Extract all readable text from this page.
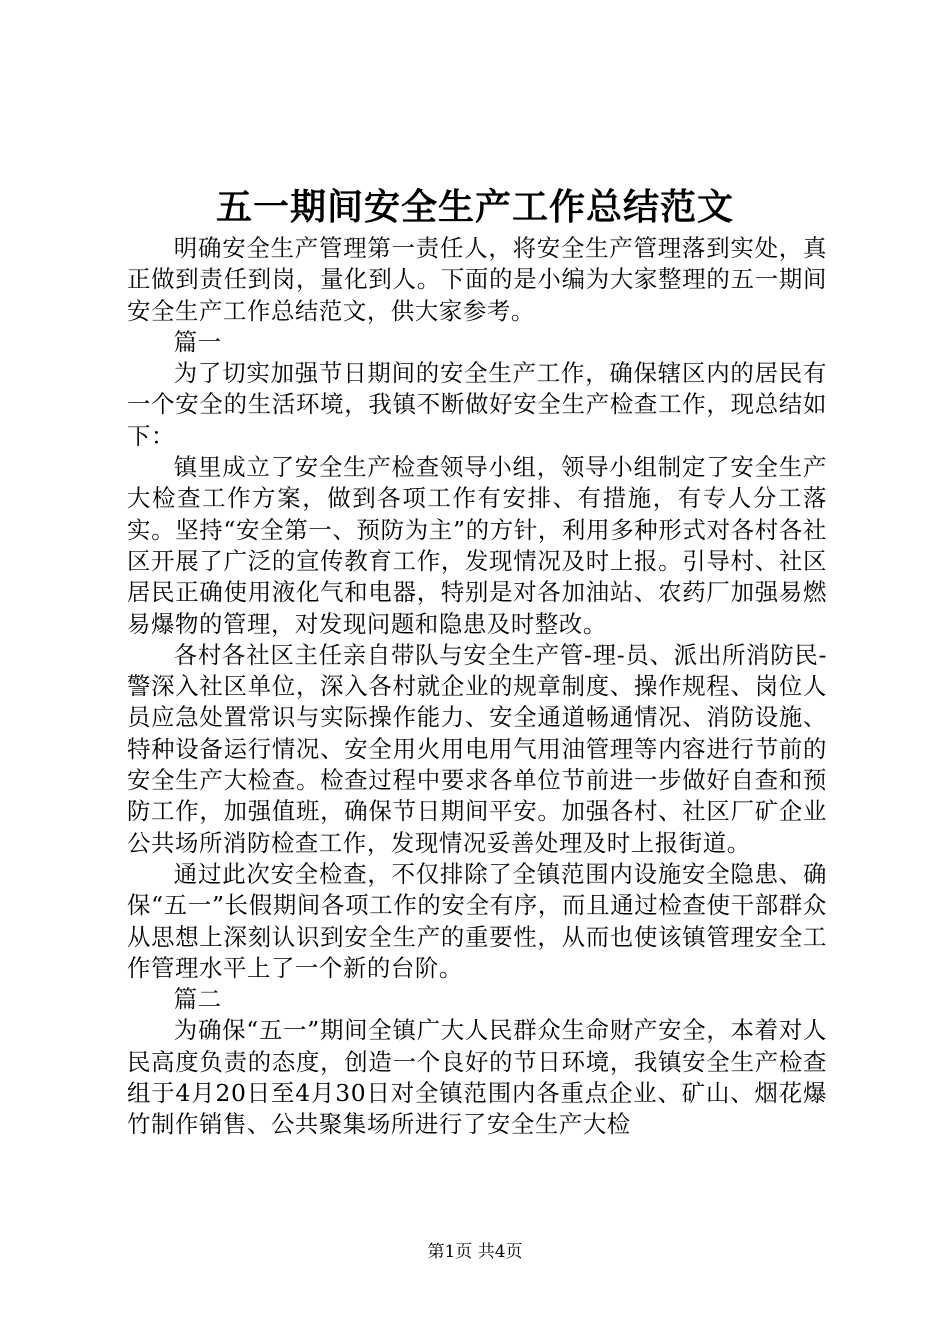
五一期间安全生产工作总结范文

明确安全生产管理第一责任人，将安全生产管理落到实处，真正做到责任到岗，量化到人。下面的是小编为大家整理的五一期间安全生产工作总结范文，供大家参考。

篇一

为了切实加强节日期间的安全生产工作，确保辖区内的居民有一个安全的生活环境，我镇不断做好安全生产检查工作，现总结如下：

镇里成立了安全生产检查领导小组，领导小组制定了安全生产大检查工作方案，做到各项工作有安排、有措施，有专人分工落实。坚持“安全第一、预防为主”的方针，利用多种形式对各村各社区开展了广泛的宣传教育工作，发现情况及时上报。引导村、社区居民正确使用液化气和电器，特别是对各加油站、农药厂加强易燃易爆物的管理，对发现问题和隐患及时整改。

各村各社区主任亲自带队与安全生产管-理-员、派出所消防民-警深入社区单位，深入各村就企业的规章制度、操作规程、岗位人员应急处置常识与实际操作能力、安全通道畅通情况、消防设施、特种设备运行情况、安全用火用电用气用油管理等内容进行节前的安全生产大检查。检查过程中要求各单位节前进一步做好自查和预防工作，加强值班，确保节日期间平安。加强各村、社区厂矿企业公共场所消防检查工作，发现情况妥善处理及时上报街道。

通过此次安全检查，不仅排除了全镇范围内设施安全隐患、确保“五一”长假期间各项工作的安全有序，而且通过检查使干部群众从思想上深刻认识到安全生产的重要性，从而也使该镇管理安全工作管理水平上了一个新的台阶。

篇二

为确保“五一”期间全镇广大人民群众生命财产安全，本着对人民高度负责的态度，创造一个良好的节日环境，我镇安全生产检查组于4月20日至4月30日对全镇范围内各重点企业、矿山、烟花爆竹制作销售、公共聚集场所进行了安全生产大检

第1页 共4页
